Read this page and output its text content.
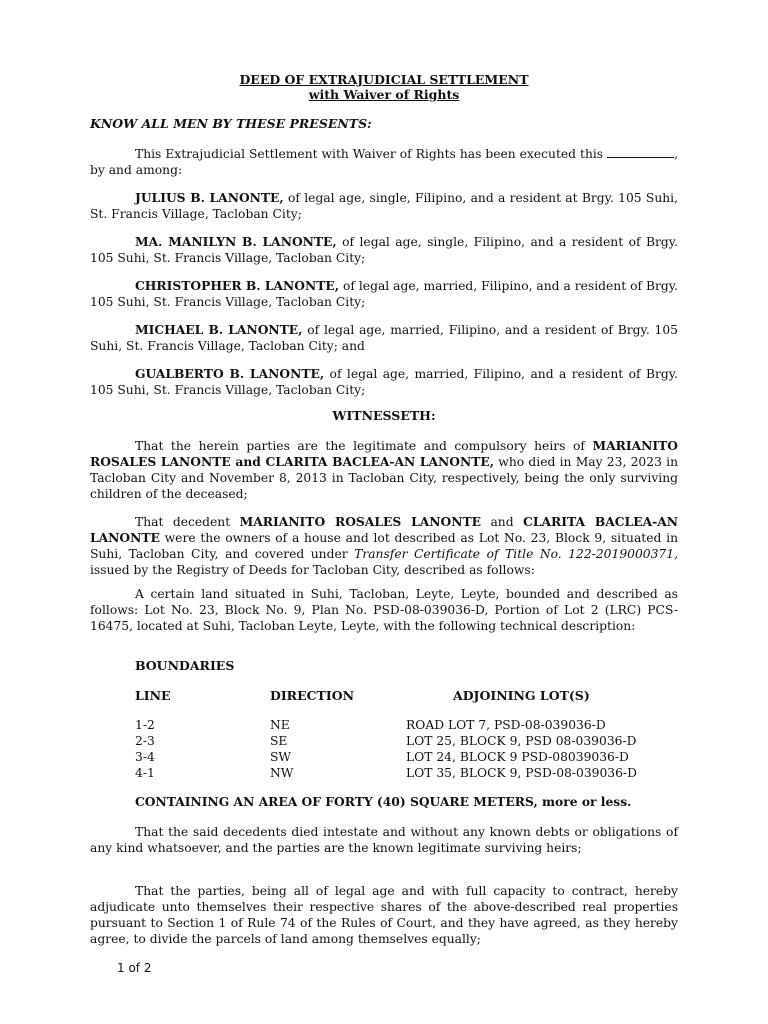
DEED OF EXTRAJUDICIAL SETTLEMENT
with Waiver of Rights
KNOW ALL MEN BY THESE PRESENTS:

This Extrajudicial Settlement with Waiver of Rights has been executed this	, by and among:

JULIUS B. LANONTE, of legal age, single, Filipino, and a resident at Brgy. 105 Suhi, St. Francis Village, Tacloban City;

MA. MANILYN B. LANONTE, of legal age, single, Filipino, and a resident of Brgy. 105 Suhi, St. Francis Village, Tacloban City;

CHRISTOPHER B. LANONTE, of legal age, married, Filipino, and a resident of Brgy. 105 Suhi, St. Francis Village, Tacloban City;

MICHAEL B. LANONTE, of legal age, married, Filipino, and a resident of Brgy. 105 Suhi, St. Francis Village, Tacloban City; and

GUALBERTO B. LANONTE, of legal age, married, Filipino, and a resident of Brgy. 105 Suhi, St. Francis Village, Tacloban City;

WITNESSETH:

That the herein parties are the legitimate and compulsory heirs of MARIANITO ROSALES LANONTE and CLARITA BACLEA-AN LANONTE, who died in May 23, 2023 in Tacloban City and November 8, 2013 in Tacloban City, respectively, being the only surviving children of the deceased;

That decedent MARIANITO ROSALES LANONTE and CLARITA BACLEA-AN LANONTE were the owners of a house and lot described as Lot No. 23, Block 9, situated in Suhi, Tacloban City, and covered under Transfer Certificate of Title No. 122-2019000371, issued by the Registry of Deeds for Tacloban City, described as follows:

A certain land situated in Suhi, Tacloban, Leyte, Leyte, bounded and described as follows: Lot No. 23, Block No. 9, Plan No. PSD-08-039036-D, Portion of Lot 2 (LRC) PCS-16475, located at Suhi, Tacloban Leyte, Leyte, with the following technical description:

BOUNDARIES
LINE	DIRECTION	ADJOINING LOT(S)
1-2	NE	ROAD LOT 7, PSD-08-039036-D
2-3	SE	LOT 25, BLOCK 9, PSD 08-039036-D
3-4	SW	LOT 24, BLOCK 9 PSD-08039036-D
4-1	NW	LOT 35, BLOCK 9, PSD-08-039036-D
CONTAINING AN AREA OF FORTY (40) SQUARE METERS, more or less.

That the said decedents died intestate and without any known debts or obligations of any kind whatsoever, and the parties are the known legitimate surviving heirs;

That the parties, being all of legal age and with full capacity to contract, hereby adjudicate unto themselves their respective shares of the above-described real properties pursuant to Section 1 of Rule 74 of the Rules of Court, and they have agreed, as they hereby agree, to divide the parcels of land among themselves equally;

1 of 2
